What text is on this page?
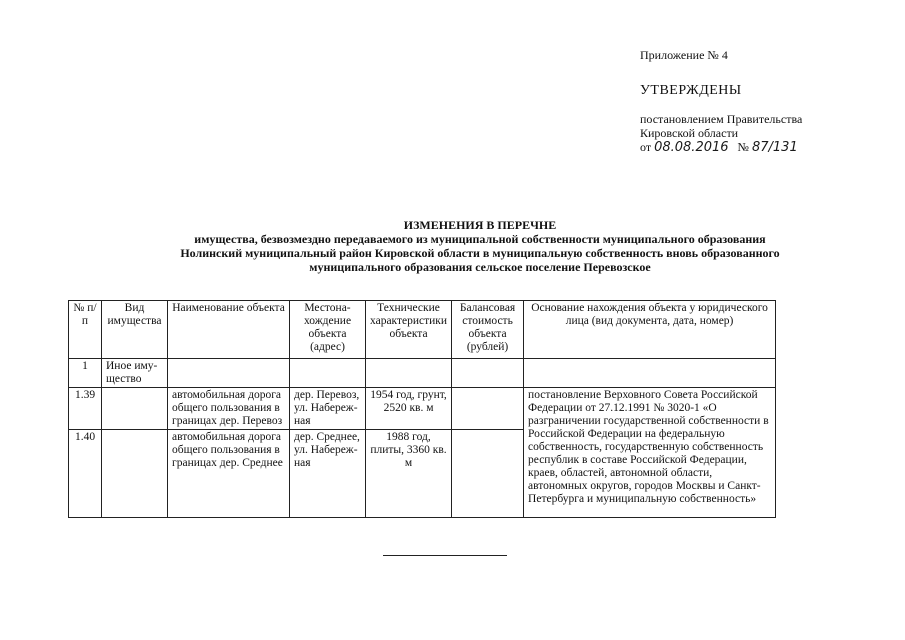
Приложение № 4
УТВЕРЖДЕНЫ
постановлением Правительства
Кировской области
от 08.08.2016 № 87/131
ИЗМЕНЕНИЯ В ПЕРЕЧНЕ
имущества, безвозмездно передаваемого из муниципальной собственности муниципального образования
Нолинский муниципальный район Кировской области в муниципальную собственность вновь образованного
муниципального образования сельское поселение Перевозское
№ п/п	Вид имущества	Наименование объекта	Местона-хождение объекта (адрес)	Технические характеристики объекта	Балансовая стоимость объекта (рублей)	Основание нахождения объекта у юридического лица (вид документа, дата, номер)
1	Иное иму-щество					
1.39		автомобильная дорога общего пользования в границах дер. Перевоз	дер. Перевоз, ул. Набереж-ная	1954 год, грунт, 2520 кв. м		постановление Верховного Совета Российской Федерации от 27.12.1991 № 3020-1 «О разграничении государственной собственности в Российской Федерации на федеральную собственность, государственную собственность республик в составе Российской Федерации, краев, областей, автономной области, автономных округов, городов Москвы и Санкт-Петербурга и муниципальную собственность»
1.40		автомобильная дорога общего пользования в границах дер. Среднее	дер. Среднее, ул. Набереж-ная	1988 год, плиты, 3360 кв. м		
